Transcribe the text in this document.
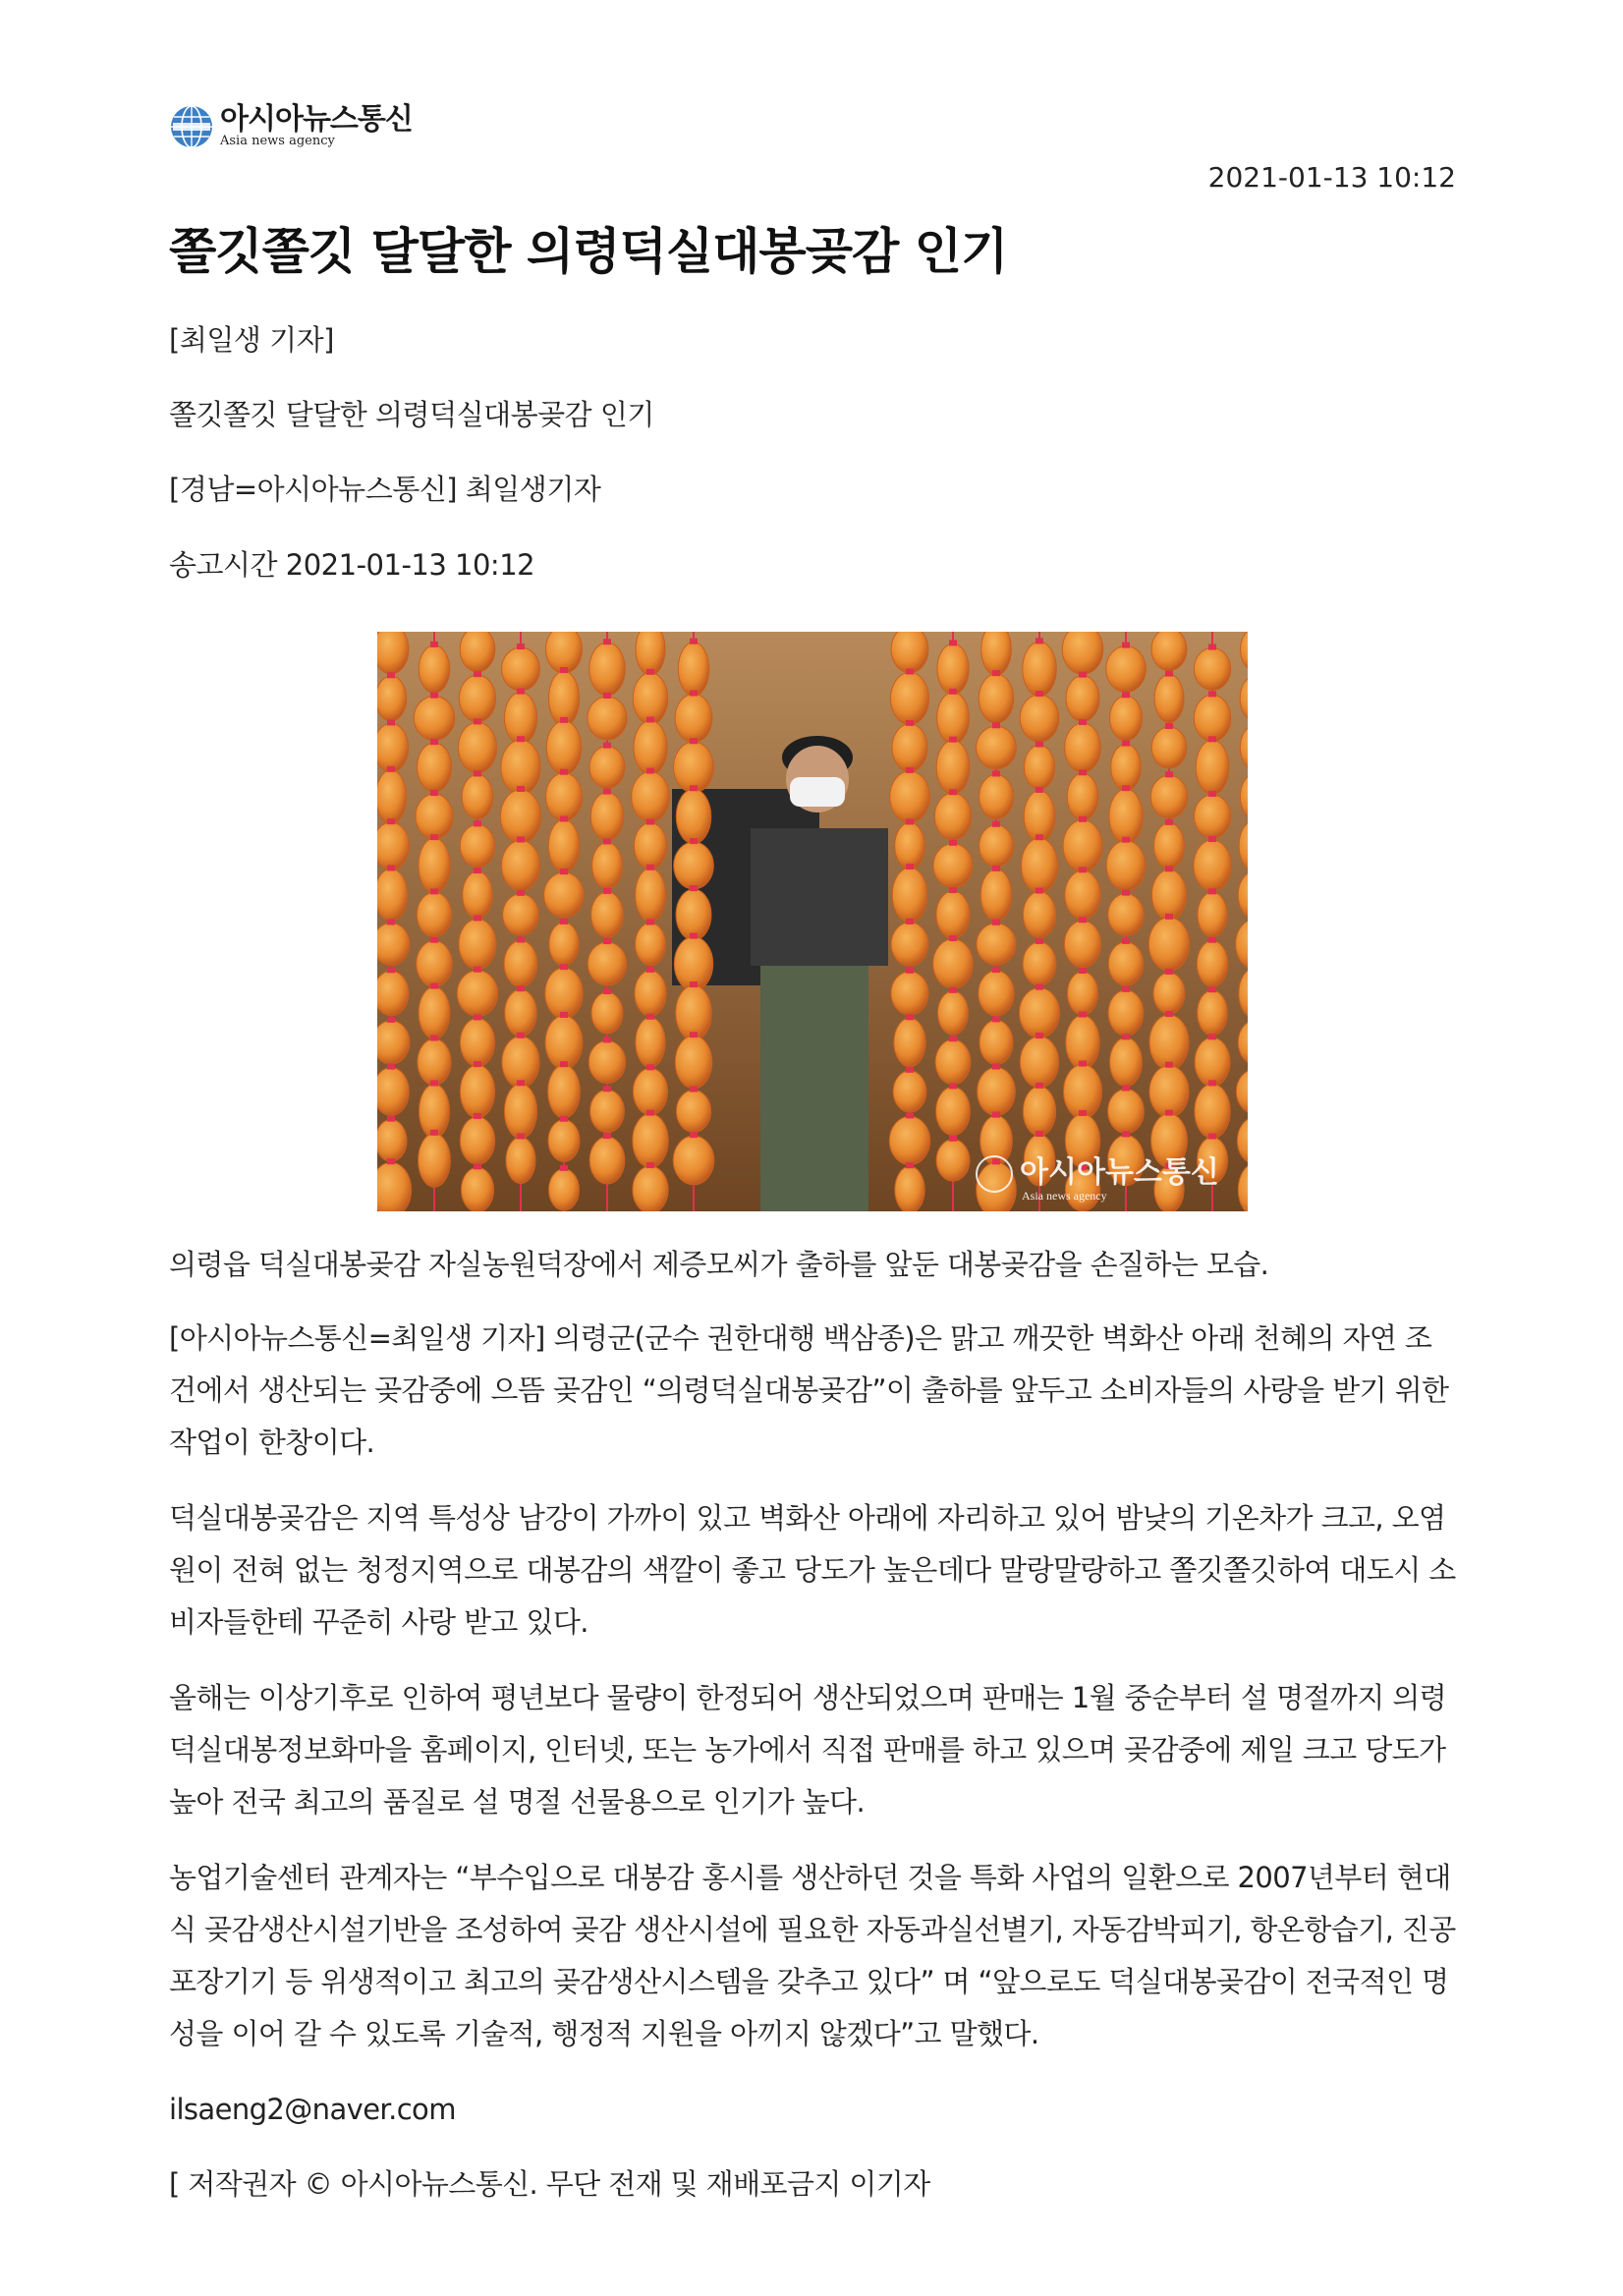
아시아뉴스통신
Asia news agency
2021-01-13 10:12
쫄깃쫄깃 달달한 의령덕실대봉곶감 인기
[최일생 기자]
쫄깃쫄깃 달달한 의령덕실대봉곶감 인기
[경남=아시아뉴스통신] 최일생기자
송고시간 2021-01-13 10:12
아시아뉴스통신
Asia news agency

의령읍 덕실대봉곶감 자실농원덕장에서 제증모씨가 출하를 앞둔 대봉곶감을 손질하는 모습.

[아시아뉴스통신=최일생 기자] 의령군(군수 권한대행 백삼종)은 맑고 깨끗한 벽화산 아래 천혜의 자연 조건에서 생산되는 곶감중에 으뜸 곶감인 “의령덕실대봉곶감”이 출하를 앞두고 소비자들의 사랑을 받기 위한 작업이 한창이다.

덕실대봉곶감은 지역 특성상 남강이 가까이 있고 벽화산 아래에 자리하고 있어 밤낮의 기온차가 크고, 오염원이 전혀 없는 청정지역으로 대봉감의 색깔이 좋고 당도가 높은데다 말랑말랑하고 쫄깃쫄깃하여 대도시 소비자들한테 꾸준히 사랑 받고 있다.

올해는 이상기후로 인하여 평년보다 물량이 한정되어 생산되었으며 판매는 1월 중순부터 설 명절까지 의령덕실대봉정보화마을 홈페이지, 인터넷, 또는 농가에서 직접 판매를 하고 있으며 곶감중에 제일 크고 당도가 높아 전국 최고의 품질로 설 명절 선물용으로 인기가 높다.

농업기술센터 관계자는 “부수입으로 대봉감 홍시를 생산하던 것을 특화 사업의 일환으로 2007년부터 현대식 곶감생산시설기반을 조성하여 곶감 생산시설에 필요한 자동과실선별기, 자동감박피기, 항온항습기, 진공포장기기 등 위생적이고 최고의 곶감생산시스템을 갖추고 있다” 며 “앞으로도 덕실대봉곶감이 전국적인 명성을 이어 갈 수 있도록 기술적, 행정적 지원을 아끼지 않겠다”고 말했다.

ilsaeng2@naver.com

[ 저작권자 © 아시아뉴스통신. 무단 전재 및 재배포금지 이기자
